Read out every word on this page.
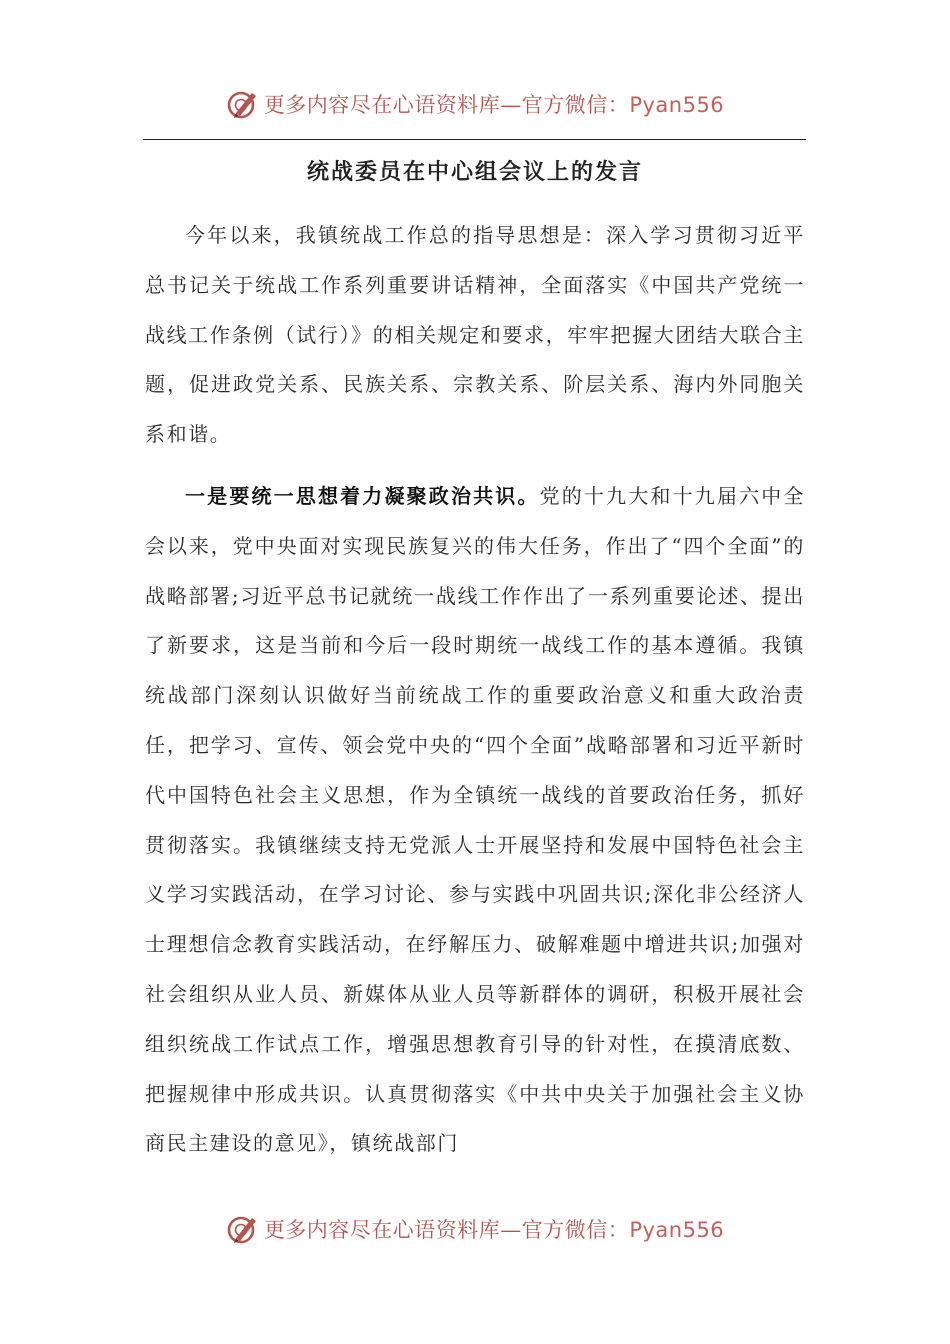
更多内容尽在心语资料库—官方微信：Pyan556
统战委员在中心组会议上的发言

今年以来，我镇统战工作总的指导思想是：深入学习贯彻习近平总书记关于统战工作系列重要讲话精神，全面落实《中国共产党统一战线工作条例（试行）》的相关规定和要求，牢牢把握大团结大联合主题，促进政党关系、民族关系、宗教关系、阶层关系、海内外同胞关系和谐。

一是要统一思想着力凝聚政治共识。党的十九大和十九届六中全会以来，党中央面对实现民族复兴的伟大任务，作出了“四个全面”的战略部署;习近平总书记就统一战线工作作出了一系列重要论述、提出了新要求，这是当前和今后一段时期统一战线工作的基本遵循。我镇统战部门深刻认识做好当前统战工作的重要政治意义和重大政治责任，把学习、宣传、领会党中央的“四个全面”战略部署和习近平新时代中国特色社会主义思想，作为全镇统一战线的首要政治任务，抓好贯彻落实。我镇继续支持无党派人士开展坚持和发展中国特色社会主义学习实践活动，在学习讨论、参与实践中巩固共识;深化非公经济人士理想信念教育实践活动，在纾解压力、破解难题中增进共识;加强对社会组织从业人员、新媒体从业人员等新群体的调研，积极开展社会组织统战工作试点工作，增强思想教育引导的针对性，在摸清底数、把握规律中形成共识。认真贯彻落实《中共中央关于加强社会主义协商民主建设的意见》，镇统战部门

更多内容尽在心语资料库—官方微信：Pyan556
